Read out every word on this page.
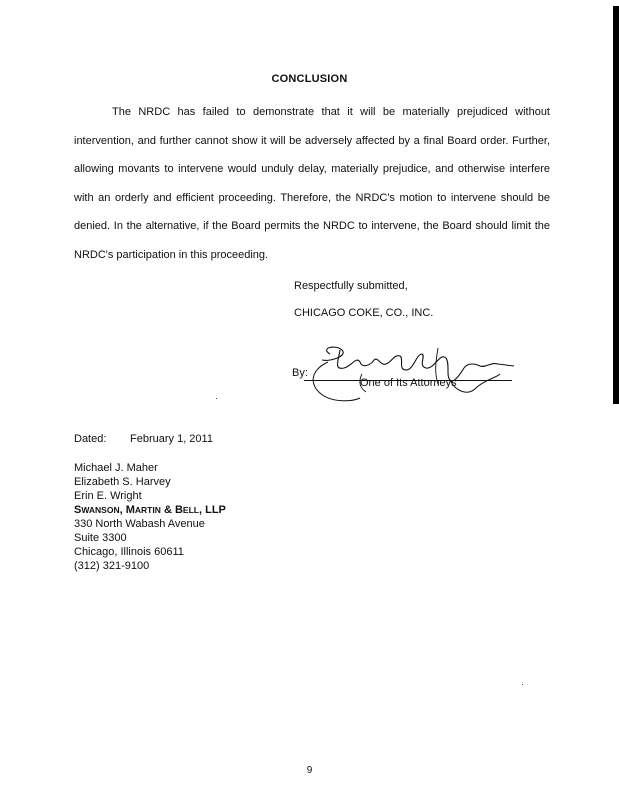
CONCLUSION

The NRDC has failed to demonstrate that it will be materially prejudiced without intervention, and further cannot show it will be adversely affected by a final Board order. Further, allowing movants to intervene would unduly delay, materially prejudice, and otherwise interfere with an orderly and efficient proceeding. Therefore, the NRDC's motion to intervene should be denied. In the alternative, if the Board permits the NRDC to intervene, the Board should limit the NRDC's participation in this proceeding.

Respectfully submitted,
CHICAGO COKE, CO., INC.
By:
One of Its Attorneys
Dated: February 1, 2011
Michael J. Maher
Elizabeth S. Harvey
Erin E. Wright
SWANSON, MARTIN & BELL, LLP
330 North Wabash Avenue
Suite 3300
Chicago, Illinois 60611
(312) 321-9100
9
